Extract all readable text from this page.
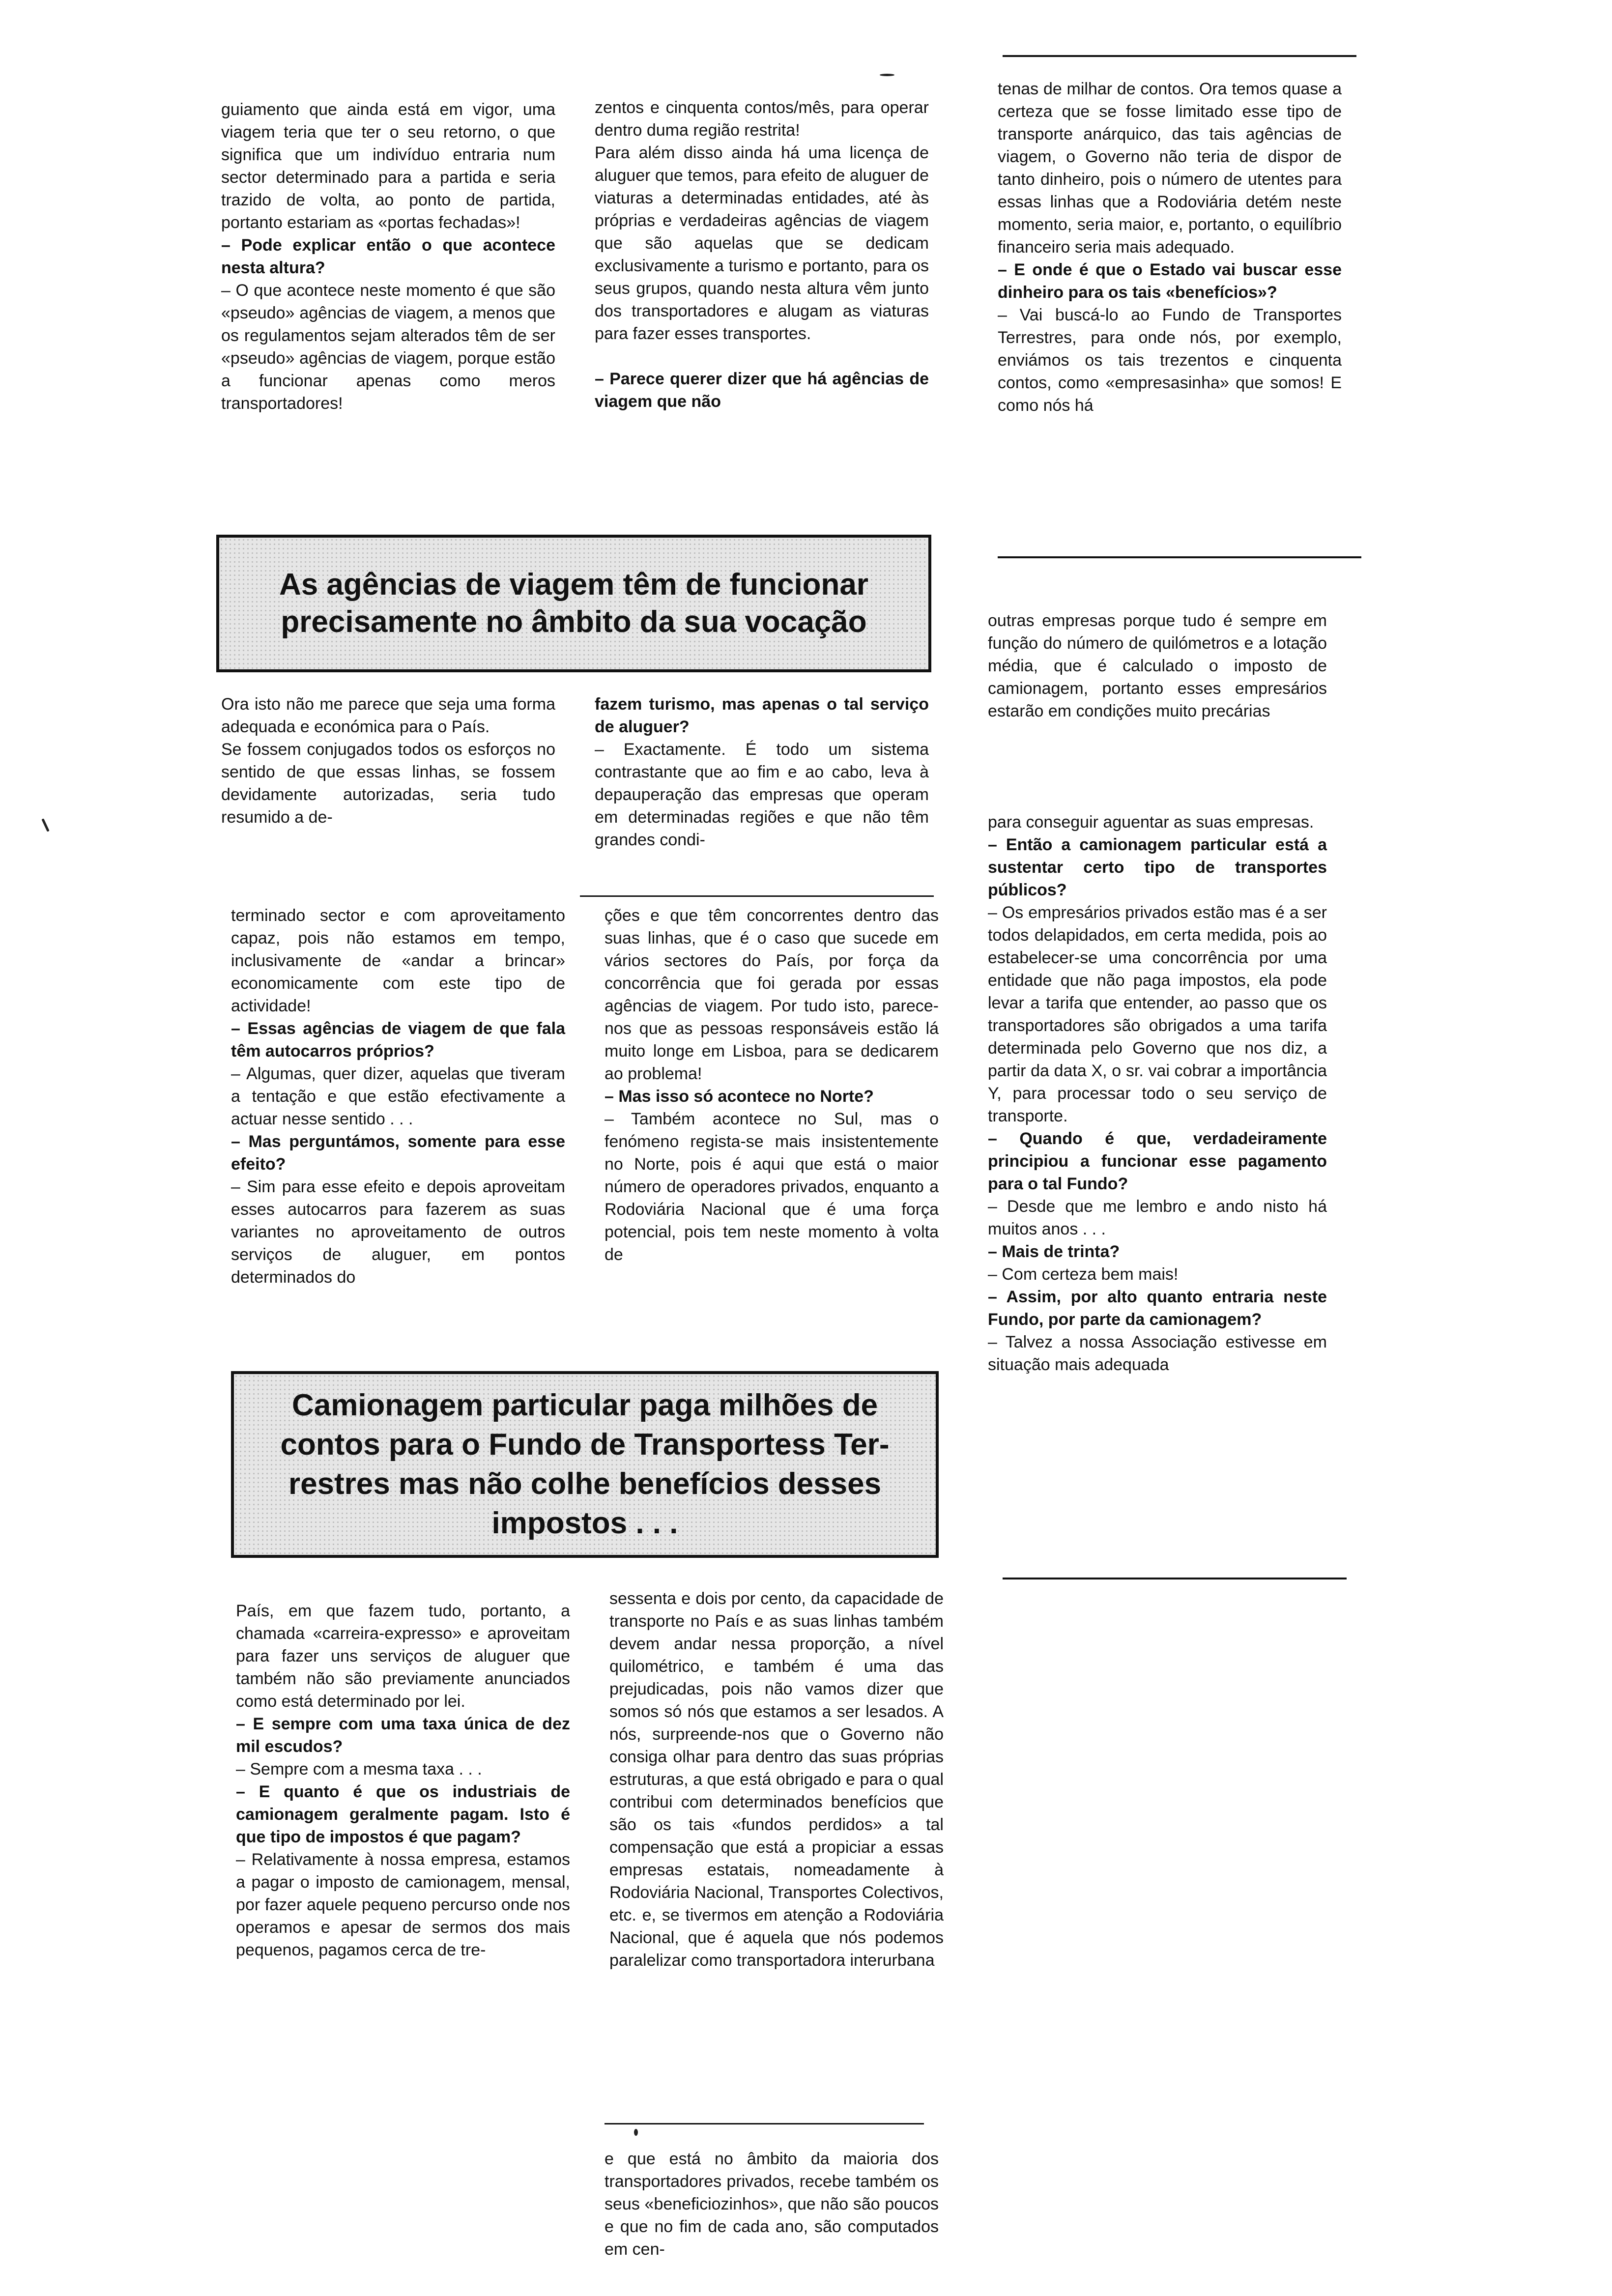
guiamento que ainda está em vigor, uma viagem teria que ter o seu retorno, o que significa que um indivíduo entraria num sector determinado para a partida e seria trazido de volta, ao ponto de partida, portanto estariam as «portas fechadas»!

– Pode explicar então o que acontece nesta altura?

– O que acontece neste momento é que são «pseudo» agências de viagem, a menos que os regulamentos sejam alterados têm de ser «pseudo» agências de viagem, porque estão a funcionar apenas como meros transportadores!

zentos e cinquenta contos/mês, para operar dentro duma região restrita!

Para além disso ainda há uma licença de aluguer que temos, para efeito de aluguer de viaturas a determinadas entidades, até às próprias e verdadeiras agências de viagem que são aquelas que se dedicam exclusivamente a turismo e portanto, para os seus grupos, quando nesta altura vêm junto dos transportadores e alugam as viaturas para fazer esses transportes.

– Parece querer dizer que há agências de viagem que não

tenas de milhar de contos. Ora temos quase a certeza que se fosse limitado esse tipo de transporte anárquico, das tais agências de viagem, o Governo não teria de dispor de tanto dinheiro, pois o número de utentes para essas linhas que a Rodoviária detém neste momento, seria maior, e, portanto, o equilíbrio financeiro seria mais adequado.

– E onde é que o Estado vai buscar esse dinheiro para os tais «benefícios»?

– Vai buscá-lo ao Fundo de Transportes Terrestres, para onde nós, por exemplo, enviámos os tais trezentos e cinquenta contos, como «empresasinha» que somos! E como nós há

As agências de viagem têm de funcionar
precisamente no âmbito da sua vocação

Ora isto não me parece que seja uma forma adequada e económica para o País.

Se fossem conjugados todos os esforços no sentido de que essas linhas, se fossem devidamente autorizadas, seria tudo resumido a de-

fazem turismo, mas apenas o tal serviço de aluguer?

– Exactamente. É todo um sistema contrastante que ao fim e ao cabo, leva à depauperação das empresas que operam em determinadas regiões e que não têm grandes condi-

outras empresas porque tudo é sempre em função do número de quilómetros e a lotação média, que é calculado o imposto de camionagem, portanto esses empresários estarão em condições muito precárias

para conseguir aguentar as suas empresas.

– Então a camionagem particular está a sustentar certo tipo de transportes públicos?

– Os empresários privados estão mas é a ser todos delapidados, em certa medida, pois ao estabelecer-se uma concorrência por uma entidade que não paga impostos, ela pode levar a tarifa que entender, ao passo que os transportadores são obrigados a uma tarifa determinada pelo Governo que nos diz, a partir da data X, o sr. vai cobrar a importância Y, para processar todo o seu serviço de transporte.

– Quando é que, verdadeiramente principiou a funcionar esse pagamento para o tal Fundo?

– Desde que me lembro e ando nisto há muitos anos . . .

– Mais de trinta?

– Com certeza bem mais!

– Assim, por alto quanto entraria neste Fundo, por parte da camionagem?

– Talvez a nossa Associação estivesse em situação mais adequada

terminado sector e com aproveitamento capaz, pois não estamos em tempo, inclusivamente de «andar a brincar» economicamente com este tipo de actividade!

– Essas agências de viagem de que fala têm autocarros próprios?

– Algumas, quer dizer, aquelas que tiveram a tentação e que estão efectivamente a actuar nesse sentido . . .

– Mas perguntámos, somente para esse efeito?

– Sim para esse efeito e depois aproveitam esses autocarros para fazerem as suas variantes no aproveitamento de outros serviços de aluguer, em pontos determinados do

ções e que têm concorrentes dentro das suas linhas, que é o caso que sucede em vários sectores do País, por força da concorrência que foi gerada por essas agências de viagem. Por tudo isto, parece-nos que as pessoas responsáveis estão lá muito longe em Lisboa, para se dedicarem ao problema!

– Mas isso só acontece no Norte?

– Também acontece no Sul, mas o fenómeno regista-se mais insistentemente no Norte, pois é aqui que está o maior número de operadores privados, enquanto a Rodoviária Nacional que é uma força potencial, pois tem neste momento à volta de

Camionagem particular paga milhões de
contos para o Fundo de Transportess Ter-
restres mas não colhe benefícios desses
impostos . . .

País, em que fazem tudo, portanto, a chamada «carreira-expresso» e aproveitam para fazer uns serviços de aluguer que também não são previamente anunciados como está determinado por lei.

– E sempre com uma taxa única de dez mil escudos?

– Sempre com a mesma taxa . . .

– E quanto é que os industriais de camionagem geralmente pagam. Isto é que tipo de impostos é que pagam?

– Relativamente à nossa empresa, estamos a pagar o imposto de camionagem, mensal, por fazer aquele pequeno percurso onde nos operamos e apesar de sermos dos mais pequenos, pagamos cerca de tre-

sessenta e dois por cento, da capacidade de transporte no País e as suas linhas também devem andar nessa proporção, a nível quilométrico, e também é uma das prejudicadas, pois não vamos dizer que somos só nós que estamos a ser lesados. A nós, surpreende-nos que o Governo não consiga olhar para dentro das suas próprias estruturas, a que está obrigado e para o qual contribui com determinados benefícios que são os tais «fundos perdidos» a tal compensação que está a propiciar a essas empresas estatais, nomeadamente à Rodoviária Nacional, Transportes Colectivos, etc. e, se tivermos em atenção a Rodoviária Nacional, que é aquela que nós podemos paralelizar como transportadora interurbana

e que está no âmbito da maioria dos transportadores privados, recebe também os seus «beneficiozinhos», que não são poucos e que no fim de cada ano, são computados em cen-
